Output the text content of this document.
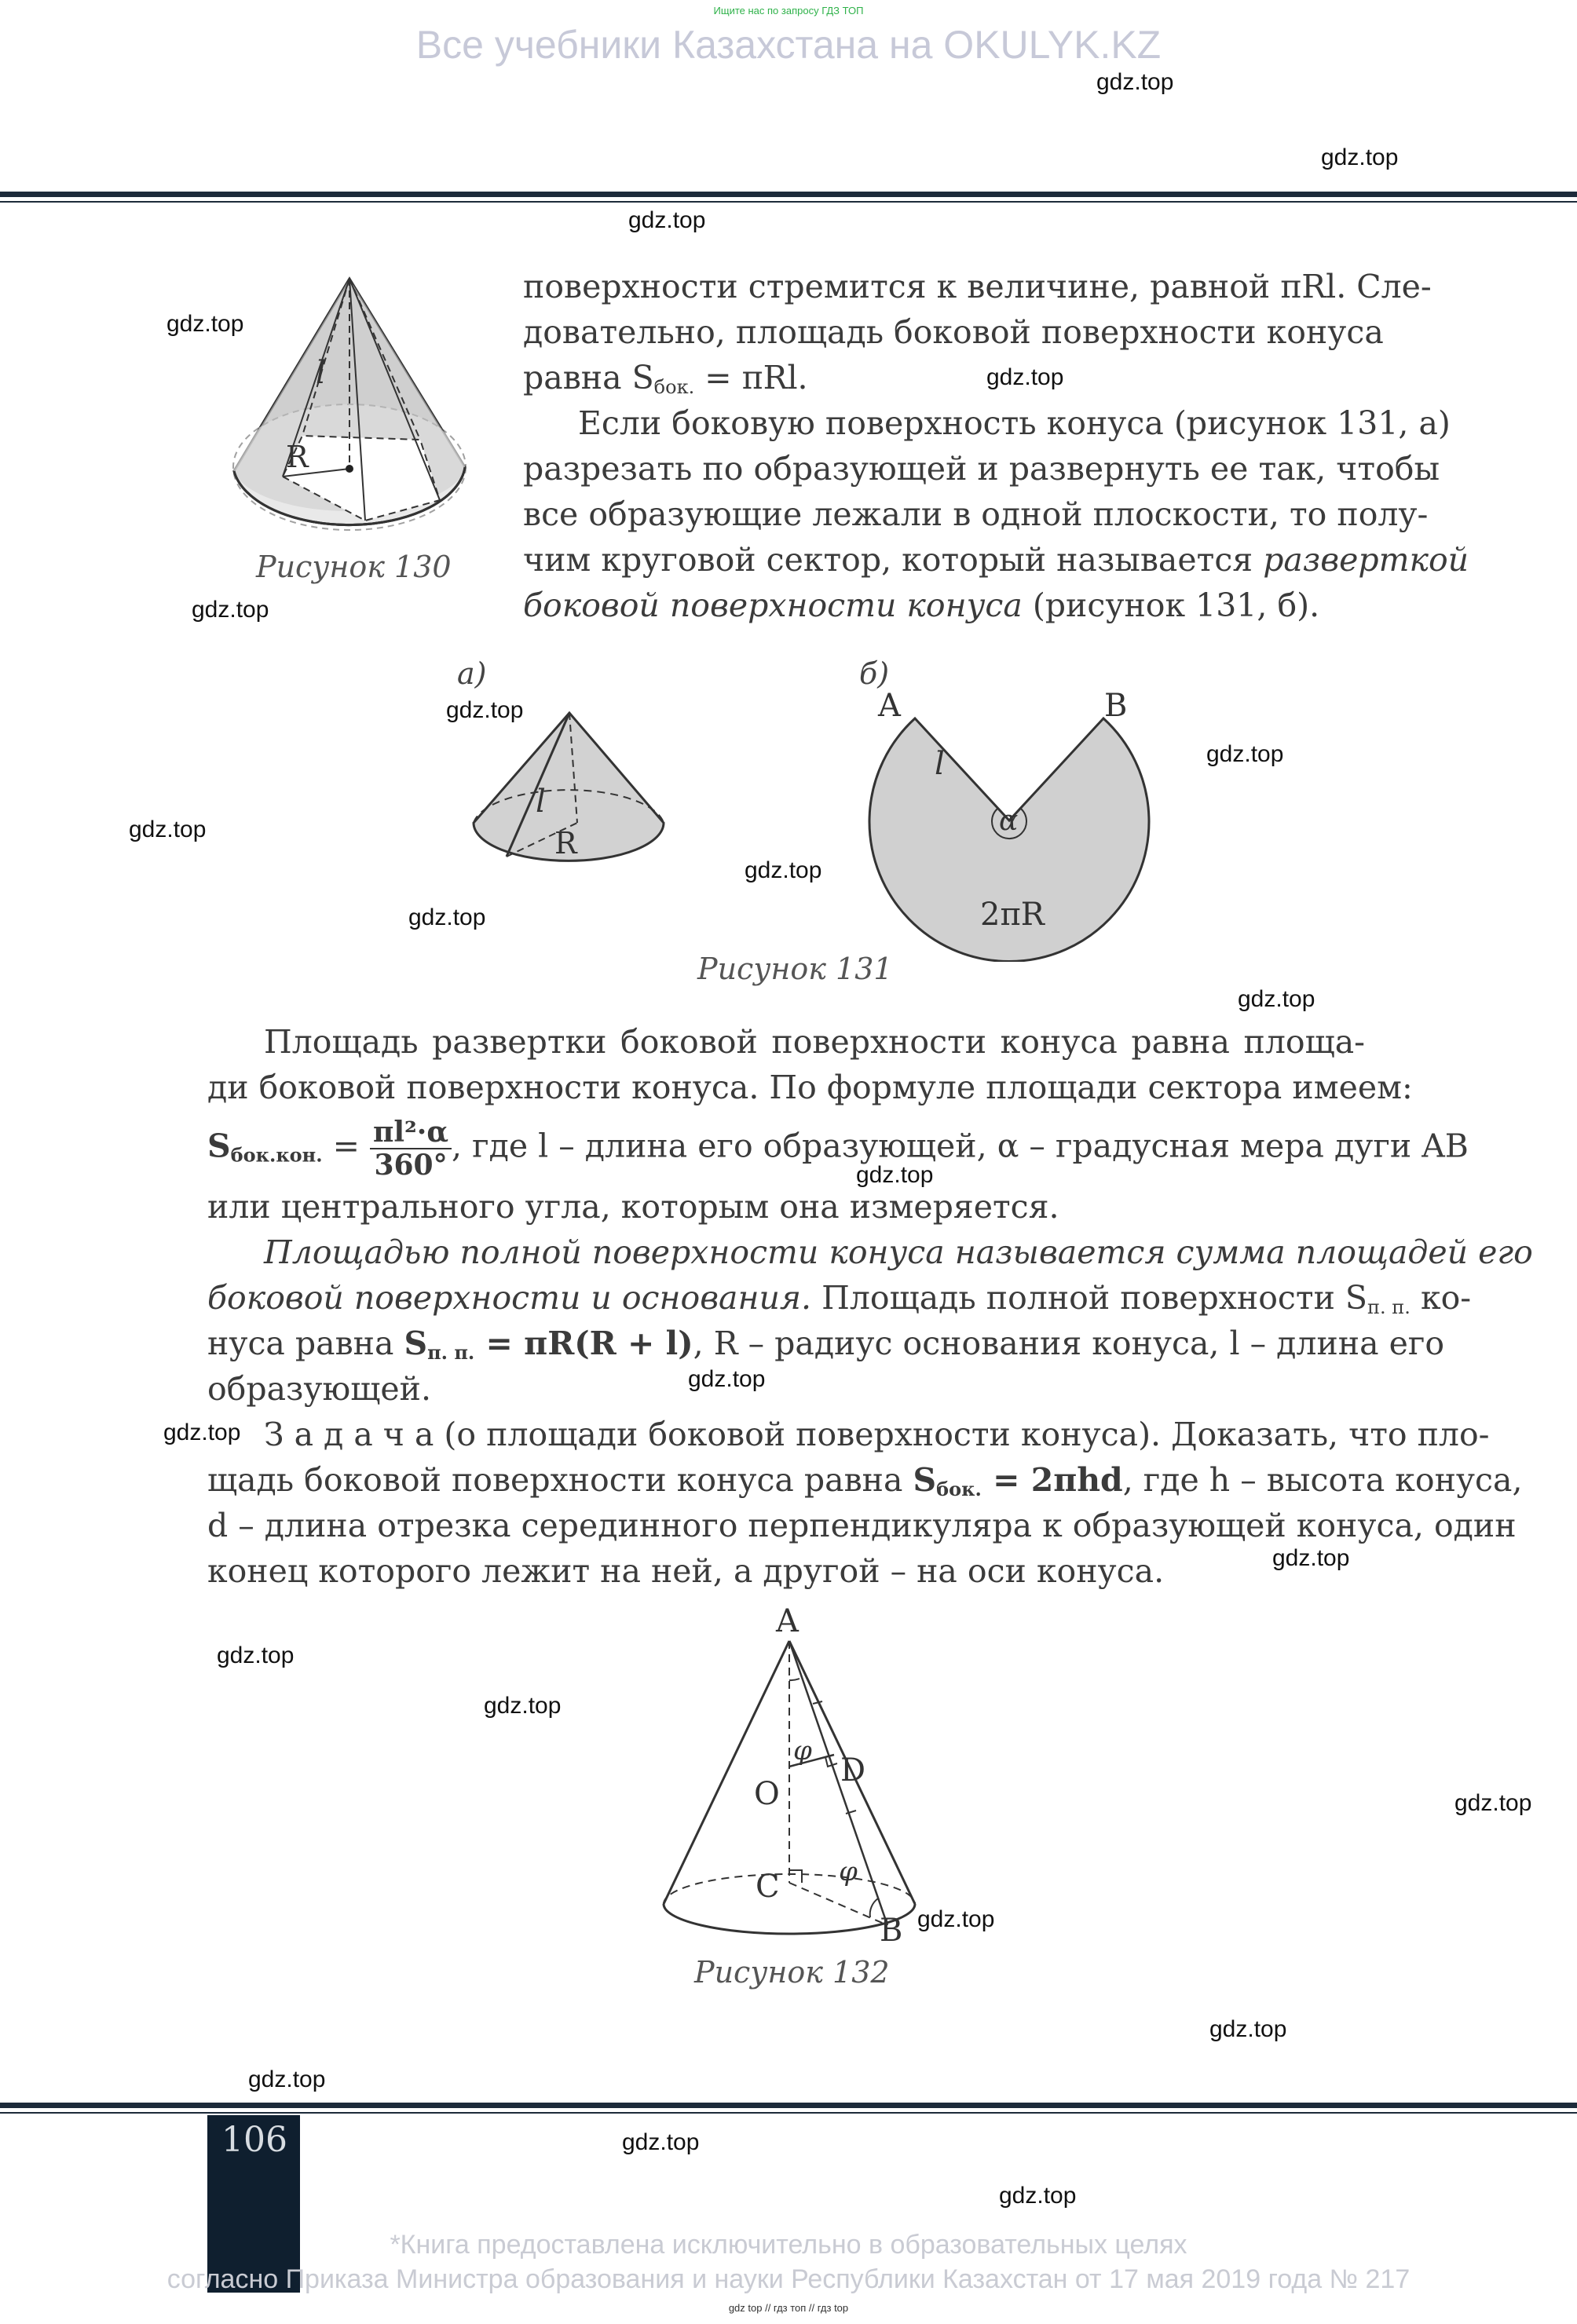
Ищите нас по запросу ГДЗ ТОП
Все учебники Казахстана на OKULYK.KZ
l
R
Рисунок 130
поверхности стремится к величине, равной πRl. Сле-
довательно, площадь боковой поверхности конуса
равна $S_{бок.} = \pi Rl$.
Если боковую поверхность конуса (рисунок 131, а)
разрезать по образующей и развернуть ее так, чтобы
все образующие лежали в одной плоскости, то полу-
чим круговой сектор, который называется разверткой
боковой поверхности конуса (рисунок 131, б).
а)
l
R
б)
A	B
l
α
2πR
Рисунок 131
Площадь развертки боковой поверхности конуса равна площа-
ди боковой поверхности конуса. По формуле площади сектора имеем:
$S_{бок.кон.} = \frac{\text{πl²·α}}{360^\circ}$ , где l – длина его образующей, α – градусная мера дуги AB
или центрального угла, которым она измеряется.
Площадью полной поверхности конуса называется сумма площадей его
боковой поверхности и основания. Площадь полной поверхности $S_{п. п.}$ ко-
нуса равна $S_{п. п.} = \pi R(R + l)$, R – радиус основания конуса, l – длина его
образующей.
З а д а ч а (о площади боковой поверхности конуса). Доказать, что пло-
щадь боковой поверхности конуса равна $S_{бок.} = 2\pi hd$, где h – высота конуса,
d – длина отрезка серединного перпендикуляра к образующей конуса, один
конец которого лежит на ней, а другой – на оси конуса.
A
φ
O
D
C φ
B
Рисунок 132
106
*Книга предоставлена исключительно в образовательных целях
согласно Приказа Министра образования и науки Республики Казахстан от 17 мая 2019 года № 217
gdz top // гдз топ // гдз top
gdz.top
gdz.top
gdz.top
gdz.top
gdz.top
gdz.top
gdz.top
gdz.top
gdz.top
gdz.top
gdz.top
gdz.top
gdz.top
gdz.top
gdz.top
gdz.top
gdz.top
gdz.top
gdz.top
gdz.top
gdz.top
gdz.top
gdz.top
gdz.top
